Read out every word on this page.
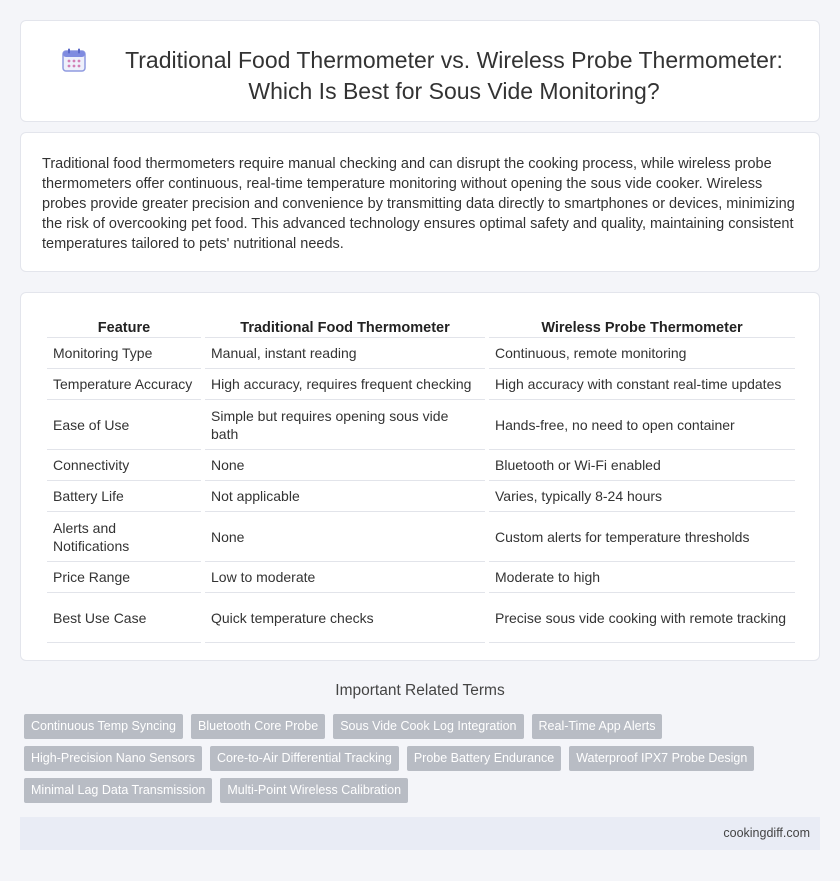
Traditional Food Thermometer vs. Wireless Probe Thermometer: Which Is Best for Sous Vide Monitoring?

Traditional food thermometers require manual checking and can disrupt the cooking process, while wireless probe thermometers offer continuous, real-time temperature monitoring without opening the sous vide cooker. Wireless probes provide greater precision and convenience by transmitting data directly to smartphones or devices, minimizing the risk of overcooking pet food. This advanced technology ensures optimal safety and quality, maintaining consistent temperatures tailored to pets' nutritional needs.

Feature	Traditional Food Thermometer	Wireless Probe Thermometer
Monitoring Type	Manual, instant reading	Continuous, remote monitoring
Temperature Accuracy	High accuracy, requires frequent checking	High accuracy with constant real-time updates
Ease of Use	Simple but requires opening sous vide bath	Hands-free, no need to open container
Connectivity	None	Bluetooth or Wi-Fi enabled
Battery Life	Not applicable	Varies, typically 8-24 hours
Alerts and Notifications	None	Custom alerts for temperature thresholds
Price Range	Low to moderate	Moderate to high
Best Use Case	Quick temperature checks	Precise sous vide cooking with remote tracking
Important Related Terms
Continuous Temp Syncing	Bluetooth Core Probe	Sous Vide Cook Log Integration	Real-Time App Alerts
High-Precision Nano Sensors	Core-to-Air Differential Tracking	Probe Battery Endurance	Waterproof IPX7 Probe Design
Minimal Lag Data Transmission	Multi-Point Wireless Calibration
cookingdiff.com
